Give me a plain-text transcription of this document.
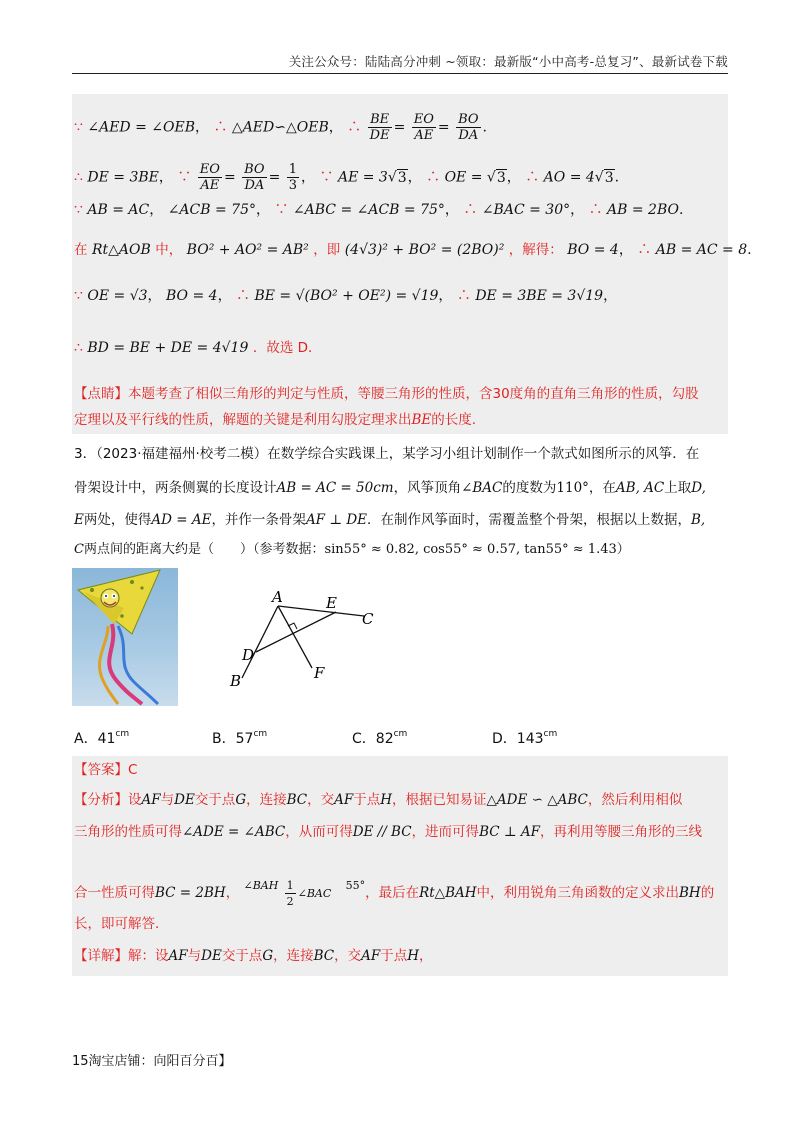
关注公众号：陆陆高分冲刺 ~领取：最新版“小中高考-总复习”、最新试卷下载
∵ ∠AED = ∠OEB， ∴ △AED∽△OEB， ∴ $\frac{BE}{DE} = \frac{EO}{AE} = \frac{BO}{DA}$ .
∴ DE = 3BE， ∵ $\frac{EO}{AE} = \frac{BO}{DA} = \frac{1}{3}$ ， ∵ AE = 3√3， ∴ OE = √3， ∴ AO = 4√3.
∵ AB = AC， ∠ACB = 75°， ∵ ∠ABC = ∠ACB = 75°， ∴ ∠BAC = 30°， ∴ AB = 2BO.
在 Rt△AOB 中， BO² + AO² = AB² ，即 (4√3)² + BO² = (2BO)² ，解得： BO = 4， ∴ AB = AC = 8.
∵ OE = √3， BO = 4， ∴ BE = √(BO² + OE²) = √19， ∴ DE = 3BE = 3√19，
∴ BD = BE + DE = 4√19 ．故选 D．
【点睛】本题考查了相似三角形的判定与性质，等腰三角形的性质，含30度角的直角三角形的性质，勾股
定理以及平行线的性质，解题的关键是利用勾股定理求出BE的长度.
3．（2023·福建福州·校考二模）在数学综合实践课上，某学习小组计划制作一个款式如图所示的风筝．在
骨架设计中，两条侧翼的长度设计AB = AC = 50cm，风筝顶角∠BAC的度数为110°，在AB, AC上取D,
E两处，使得AD = AE，并作一条骨架AF ⊥ DE．在制作风筝面时，需覆盖整个骨架，根据以上数据，B,
C两点间的距离大约是（　　）（参考数据：sin55° ≈ 0.82, cos55° ≈ 0.57, tan55° ≈ 1.43）
A	E
C
D
B	F
A．$41^{cm}$	B．$57^{cm}$	C．$82^{cm}$	D．$143^{cm}$
【答案】C
【分析】设AF与DE交于点G，连接BC，交AF于点H，根据已知易证△ADE ∽ △ABC，然后利用相似
三角形的性质可得∠ADE = ∠ABC，从而可得DE // BC，进而可得BC ⊥ AF，再利用等腰三角形的三线
合一性质可得BC = 2BH， $^{\angle BAH} \frac{1}{2}$ ∠BAC $^{55^\circ}$，最后在Rt△BAH中，利用锐角三角函数的定义求出BH的
长，即可解答.
【详解】解：设AF与DE交于点G，连接BC，交AF于点H，
15淘宝店铺：向阳百分百】
